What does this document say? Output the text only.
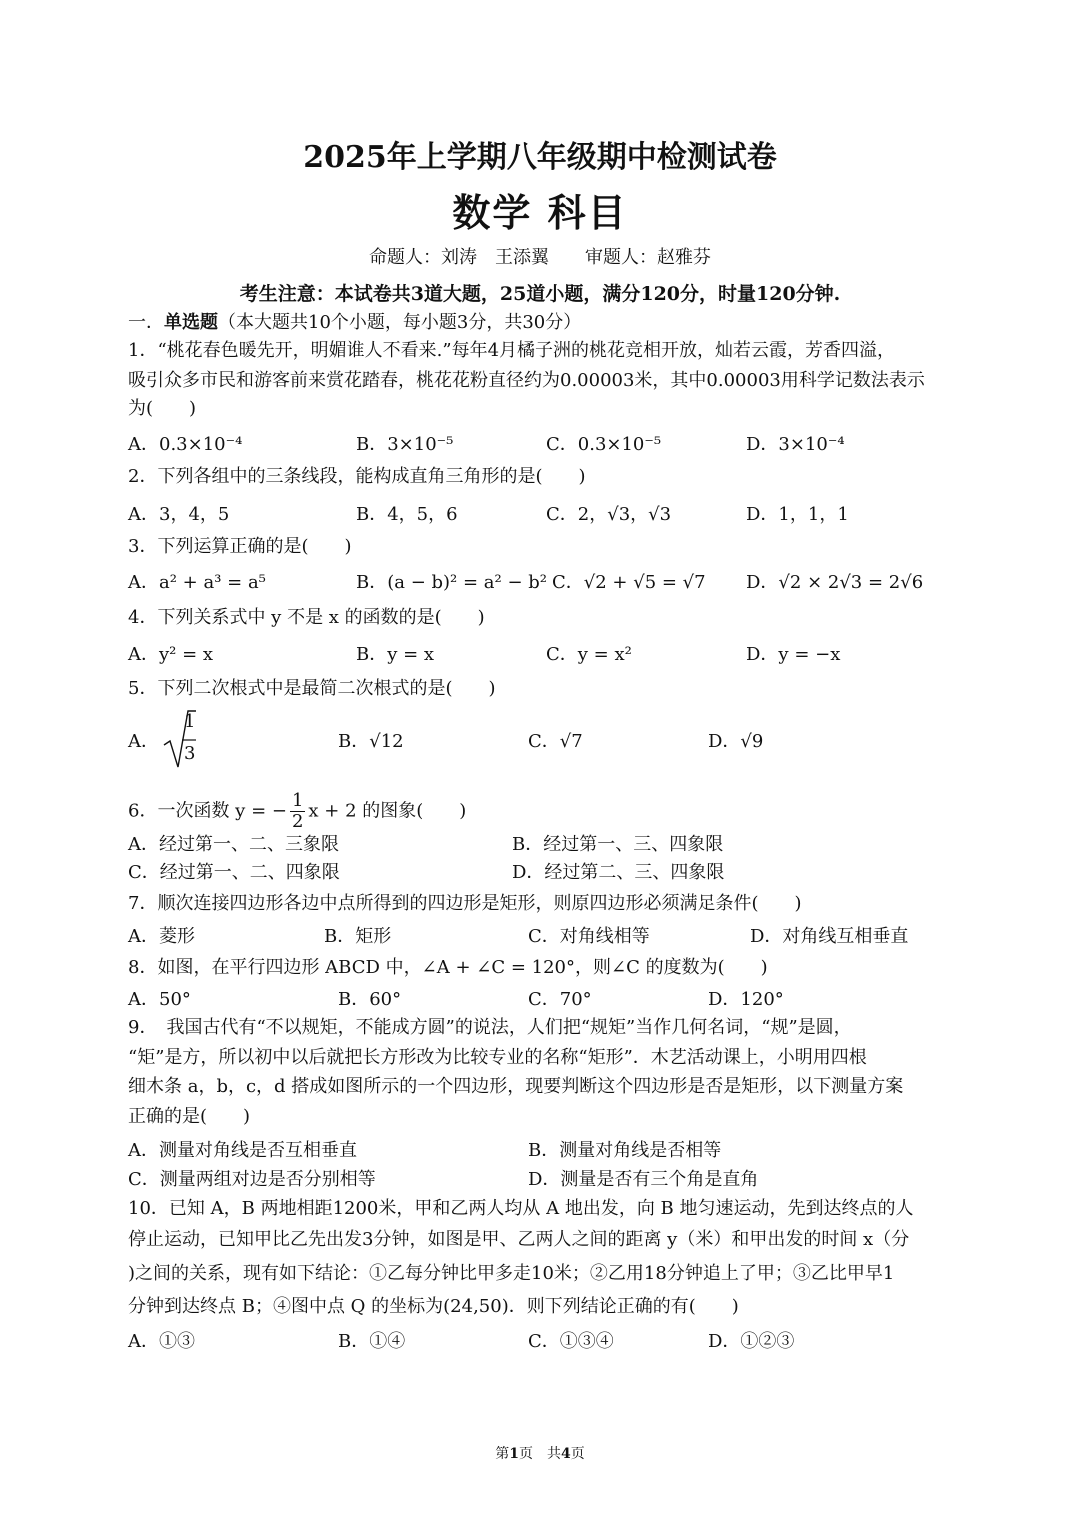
2025年上学期八年级期中检测试卷
数学 科目
命题人：刘涛　王添翼　　审题人：赵雅芬
考生注意：本试卷共3道大题，25道小题，满分120分，时量120分钟.
一．单选题（本大题共10个小题，每小题3分，共30分）
1．“桃花春色暖先开，明媚谁人不看来.”每年4月橘子洲的桃花竞相开放，灿若云霞，芳香四溢，
吸引众多市民和游客前来赏花踏春，桃花花粉直径约为0.00003米，其中0.00003用科学记数法表示
为(　　)
A．0.3×10⁻⁴	B．3×10⁻⁵	C．0.3×10⁻⁵	D．3×10⁻⁴
2．下列各组中的三条线段，能构成直角三角形的是(　　)
A．3，4，5	B．4，5，6	C．2，√3，√3	D．1，1，1
3．下列运算正确的是(　　)
A．a² + a³ = a⁵	B．(a − b)² = a² − b² C．√2 + √5 = √7 D．√2 × 2√3 = 2√6
4．下列关系式中 y 不是 x 的函数的是(　　)
A．y² = x	B．y = x	C．y = x²	D．y = −x
5．下列二次根式中是最简二次根式的是(　　)
A．
1
3
B．√12	C．√7	D．√9
6．一次函数 y = − $\frac{1}{2}$ x + 2 的图象(　　)
A．经过第一、二、三象限	B．经过第一、三、四象限
C．经过第一、二、四象限	D．经过第二、三、四象限
7．顺次连接四边形各边中点所得到的四边形是矩形，则原四边形必须满足条件(　　)
A．菱形	B．矩形	C．对角线相等	D．对角线互相垂直
8．如图，在平行四边形 ABCD 中，∠A + ∠C = 120°，则∠C 的度数为(　　)
A．50°	B．60°	C．70°	D．120°
9．　我国古代有“不以规矩，不能成方圆”的说法，人们把“规矩”当作几何名词，“规”是圆，
“矩”是方，所以初中以后就把长方形改为比较专业的名称“矩形”．木艺活动课上，小明用四根
细木条 a，b，c，d 搭成如图所示的一个四边形，现要判断这个四边形是否是矩形，以下测量方案
正确的是(　　)
A．测量对角线是否互相垂直	B．测量对角线是否相等
C．测量两组对边是否分别相等	D．测量是否有三个角是直角
10．已知 A，B 两地相距1200米，甲和乙两人均从 A 地出发，向 B 地匀速运动，先到达终点的人
停止运动，已知甲比乙先出发3分钟，如图是甲、乙两人之间的距离 y（米）和甲出发的时间 x（分
)之间的关系，现有如下结论：①乙每分钟比甲多走10米；②乙用18分钟追上了甲；③乙比甲早1
分钟到达终点 B；④图中点 Q 的坐标为(24,50)．则下列结论正确的有(　　)
A．①③	B．①④	C．①③④	D．①②③
第1页　共4页
